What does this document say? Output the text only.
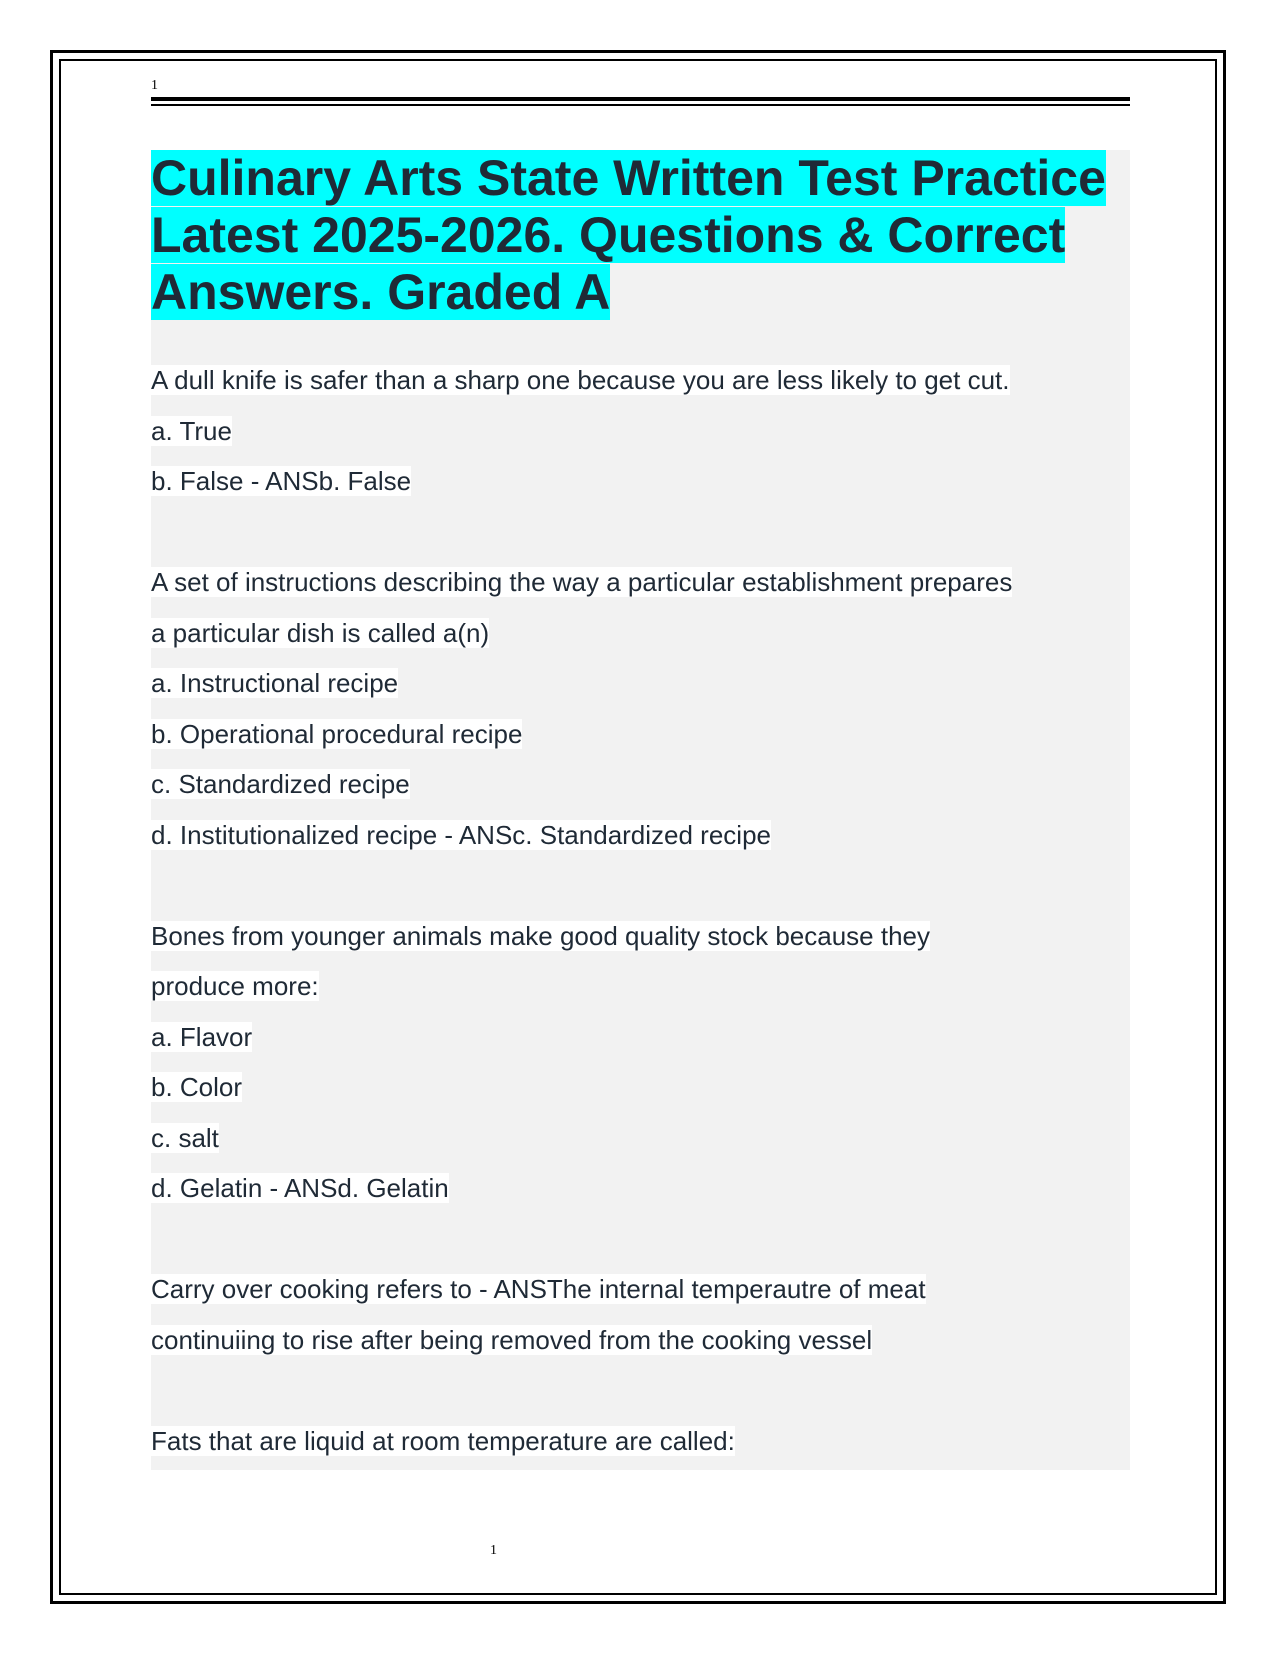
1
Culinary Arts State Written Test Practice
Latest 2025-2026. Questions & Correct
Answers. Graded A

A dull knife is safer than a sharp one because you are less likely to get cut.

a. True

b. False - ANSb. False

A set of instructions describing the way a particular establishment prepares

a particular dish is called a(n)

a. Instructional recipe

b. Operational procedural recipe

c. Standardized recipe

d. Institutionalized recipe - ANSc. Standardized recipe

Bones from younger animals make good quality stock because they

produce more:

a. Flavor

b. Color

c. salt

d. Gelatin - ANSd. Gelatin

Carry over cooking refers to - ANSThe internal temperautre of meat

continuiing to rise after being removed from the cooking vessel

Fats that are liquid at room temperature are called:

1
